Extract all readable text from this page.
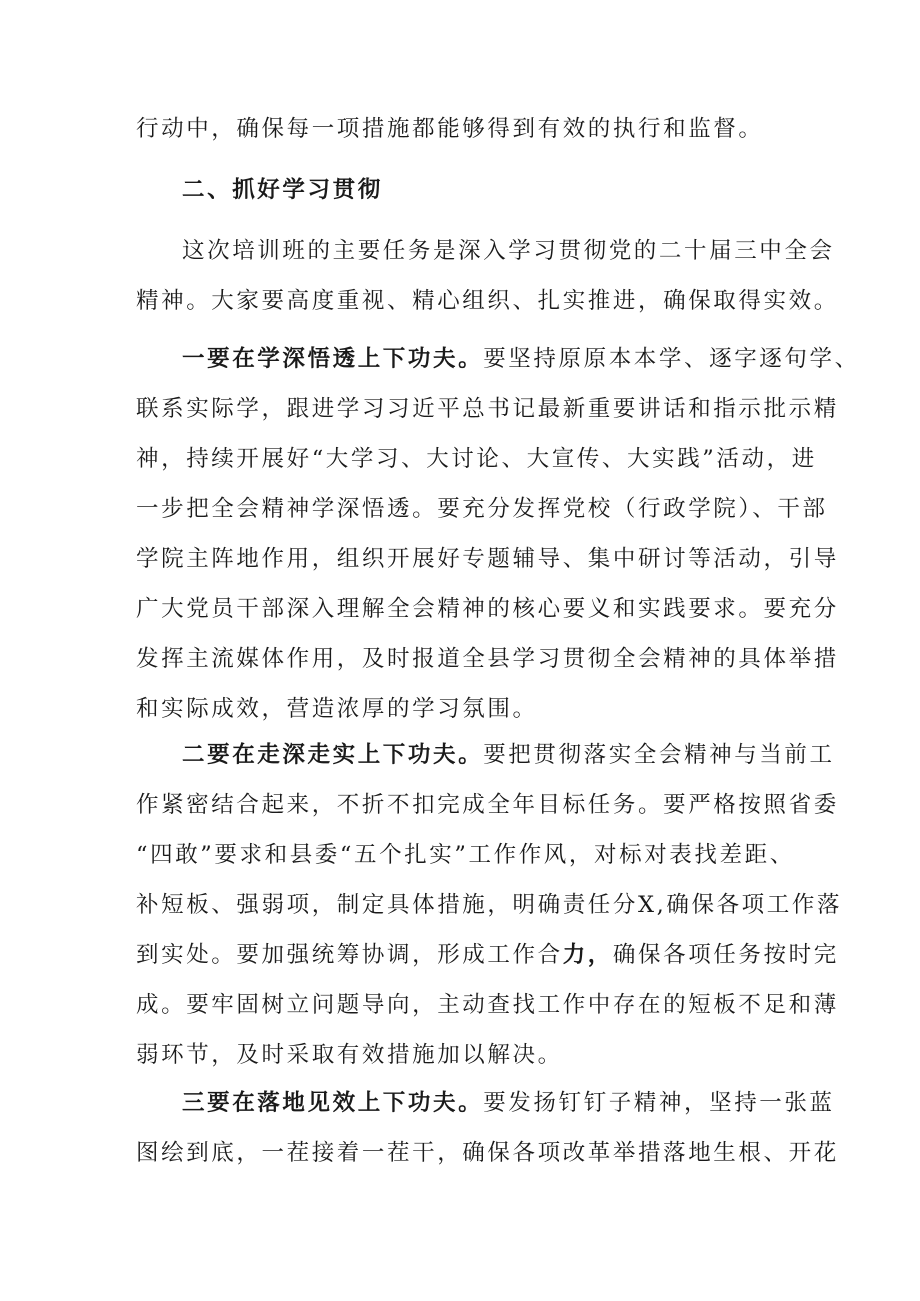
行动中，确保每一项措施都能够得到有效的执行和监督。
二、抓好学习贯彻
这次培训班的主要任务是深入学习贯彻党的二十届三中全会
精神。大家要高度重视、精心组织、扎实推进，确保取得实效。
一要在学深悟透上下功夫。要坚持原原本本学、逐字逐句学、
联系实际学，跟进学习习近平总书记最新重要讲话和指示批示精
神，持续开展好“大学习、大讨论、大宣传、大实践”活动，进
一步把全会精神学深悟透。要充分发挥党校（行政学院）、干部
学院主阵地作用，组织开展好专题辅导、集中研讨等活动，引导
广大党员干部深入理解全会精神的核心要义和实践要求。要充分
发挥主流媒体作用，及时报道全县学习贯彻全会精神的具体举措
和实际成效，营造浓厚的学习氛围。
二要在走深走实上下功夫。要把贯彻落实全会精神与当前工
作紧密结合起来，不折不扣完成全年目标任务。要严格按照省委
“四敢”要求和县委“五个扎实”工作作风，对标对表找差距、
补短板、强弱项，制定具体措施，明确责任分X,确保各项工作落
到实处。要加强统筹协调，形成工作合力，确保各项任务按时完
成。要牢固树立问题导向，主动查找工作中存在的短板不足和薄
弱环节，及时采取有效措施加以解决。
三要在落地见效上下功夫。要发扬钉钉子精神，坚持一张蓝
图绘到底，一茬接着一茬干，确保各项改革举措落地生根、开花
